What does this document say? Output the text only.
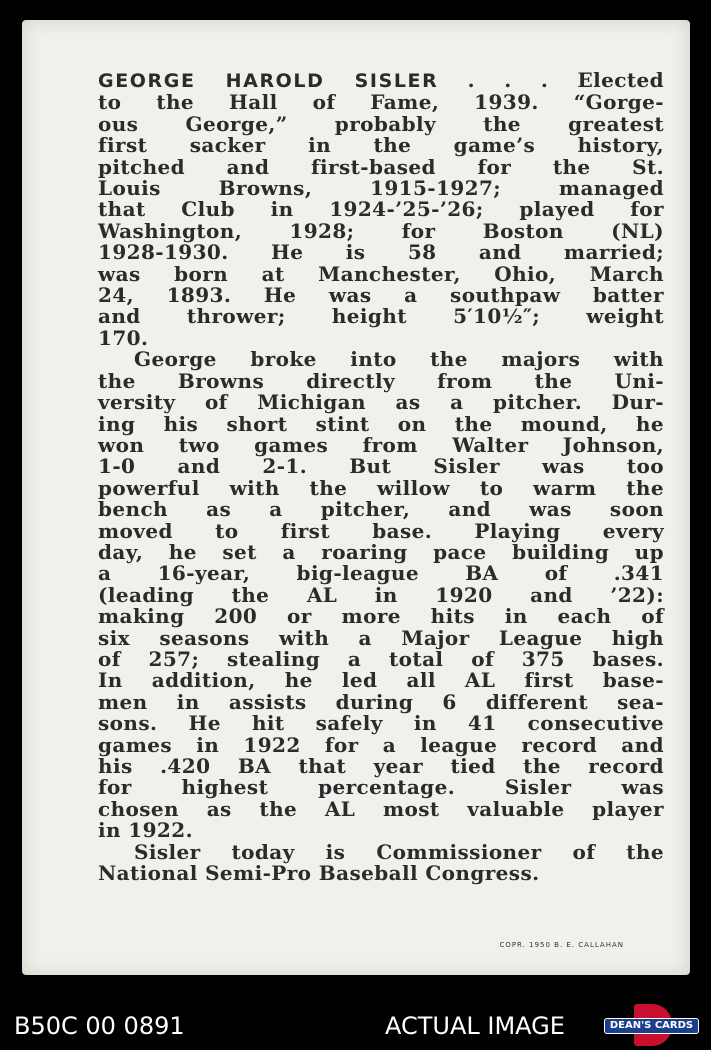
GEORGE HAROLD SISLER . . . Elected
to the Hall of Fame, 1939. “Gorge-
ous George,” probably the greatest
first sacker in the game’s history,
pitched and first-based for the St.
Louis Browns, 1915-1927; managed
that Club in 1924-’25-’26; played for
Washington, 1928; for Boston (NL)
1928-1930. He is 58 and married;
was born at Manchester, Ohio, March
24, 1893. He was a southpaw batter
and thrower; height 5′10½″; weight
170.
George broke into the majors with
the Browns directly from the Uni-
versity of Michigan as a pitcher. Dur-
ing his short stint on the mound, he
won two games from Walter Johnson,
1-0 and 2-1. But Sisler was too
powerful with the willow to warm the
bench as a pitcher, and was soon
moved to first base. Playing every
day, he set a roaring pace building up
a 16-year, big-league BA of .341
(leading the AL in 1920 and ’22):
making 200 or more hits in each of
six seasons with a Major League high
of 257; stealing a total of 375 bases.
In addition, he led all AL first base-
men in assists during 6 different sea-
sons. He hit safely in 41 consecutive
games in 1922 for a league record and
his .420 BA that year tied the record
for highest percentage. Sisler was
chosen as the AL most valuable player
in 1922.
Sisler today is Commissioner of the
National Semi-Pro Baseball Congress.
COPR. 1950 B. E. CALLAHAN
B50C 00 0891	ACTUAL IMAGE	DEAN'S CARDS
